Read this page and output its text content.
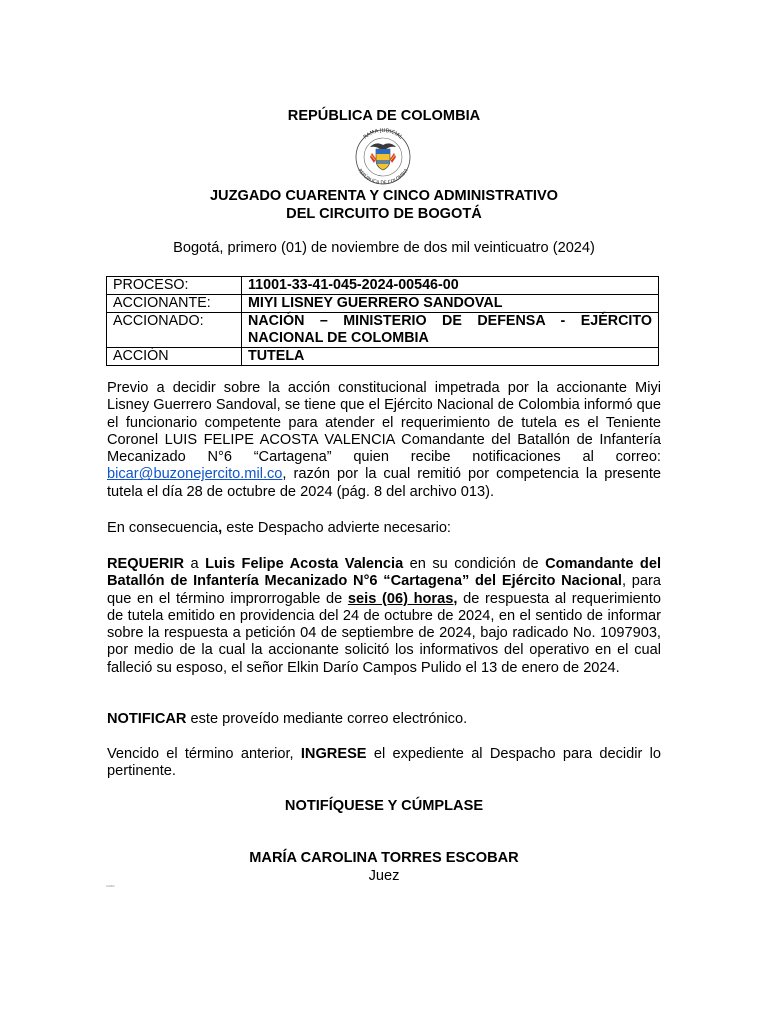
REPÚBLICA DE COLOMBIA
RAMA JUDICIAL
REPÚBLICA DE COLOMBIA
JUZGADO CUARENTA Y CINCO ADMINISTRATIVO
DEL CIRCUITO DE BOGOTÁ
Bogotá, primero (01) de noviembre de dos mil veinticuatro (2024)
PROCESO:	11001-33-41-045-2024-00546-00
ACCIONANTE:	MIYI LISNEY GUERRERO SANDOVAL
ACCIONADO:	NACIÓN – MINISTERIO DE DEFENSA - EJÉRCITO NACIONAL DE COLOMBIA
ACCIÓN	TUTELA
Previo a decidir sobre la acción constitucional impetrada por la accionante Miyi Lisney Guerrero Sandoval, se tiene que el Ejército Nacional de Colombia informó que el funcionario competente para atender el requerimiento de tutela es el Teniente Coronel LUIS FELIPE ACOSTA VALENCIA Comandante del Batallón de Infantería Mecanizado N°6 “Cartagena” quien recibe notificaciones al correo: bicar@buzonejercito.mil.co, razón por la cual remitió por competencia la presente tutela el día 28 de octubre de 2024 (pág. 8 del archivo 013).
En consecuencia, este Despacho advierte necesario:
REQUERIR a Luis Felipe Acosta Valencia en su condición de Comandante del Batallón de Infantería Mecanizado N°6 “Cartagena” del Ejército Nacional, para que en el término improrrogable de seis (06) horas, de respuesta al requerimiento de tutela emitido en providencia del 24 de octubre de 2024, en el sentido de informar sobre la respuesta a petición 04 de septiembre de 2024, bajo radicado No. 1097903, por medio de la cual la accionante solicitó los informativos del operativo en el cual falleció su esposo, el señor Elkin Darío Campos Pulido el 13 de enero de 2024.
NOTIFICAR este proveído mediante correo electrónico.
Vencido el término anterior, INGRESE el expediente al Despacho para decidir lo pertinente.
NOTIFÍQUESE Y CÚMPLASE
MARÍA CAROLINA TORRES ESCOBAR
Juez
CARR
